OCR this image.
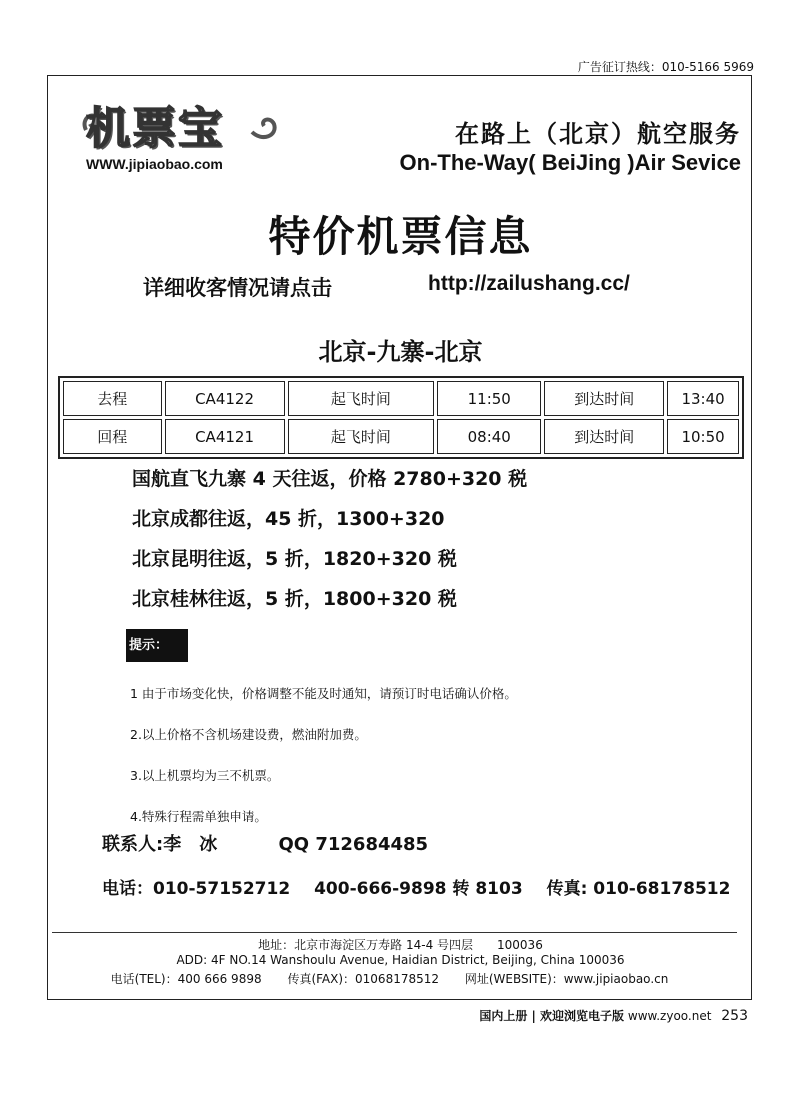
广告征订热线：010-5166 5969
机票宝
WWW.jipiaobao.com
在路上（北京）航空服务
On-The-Way( BeiJing )Air Sevice
特价机票信息
详细收客情况请点击	http://zailushang.cc/
北京-九寨-北京
去程	CA4122	起飞时间	11:50	到达时间	13:40
回程	CA4121	起飞时间	08:40	到达时间	10:50
国航直飞九寨 4 天往返，价格 2780+320 税
北京成都往返，45 折，1300+320
北京昆明往返，5 折，1820+320 税
北京桂林往返，5 折，1800+320 税
提示：
1 由于市场变化快，价格调整不能及时通知，请预订时电话确认价格。
2.以上价格不含机场建设费，燃油附加费。
3.以上机票均为三不机票。
4.特殊行程需单独申请。
联系人:李　冰	QQ 712684485
电话：010-57152712 400-666-9898 转 8103 传真: 010-68178512
地址：北京市海淀区万寿路 14-4 号四层　　100036
ADD: 4F NO.14 Wanshoulu Avenue, Haidian District, Beijing, China 100036
电话(TEL)：400 666 9898 传真(FAX)：01068178512 网址(WEBSITE)：www.jipiaobao.cn
国内上册 | 欢迎浏览电子版 www.zyoo.net 253
